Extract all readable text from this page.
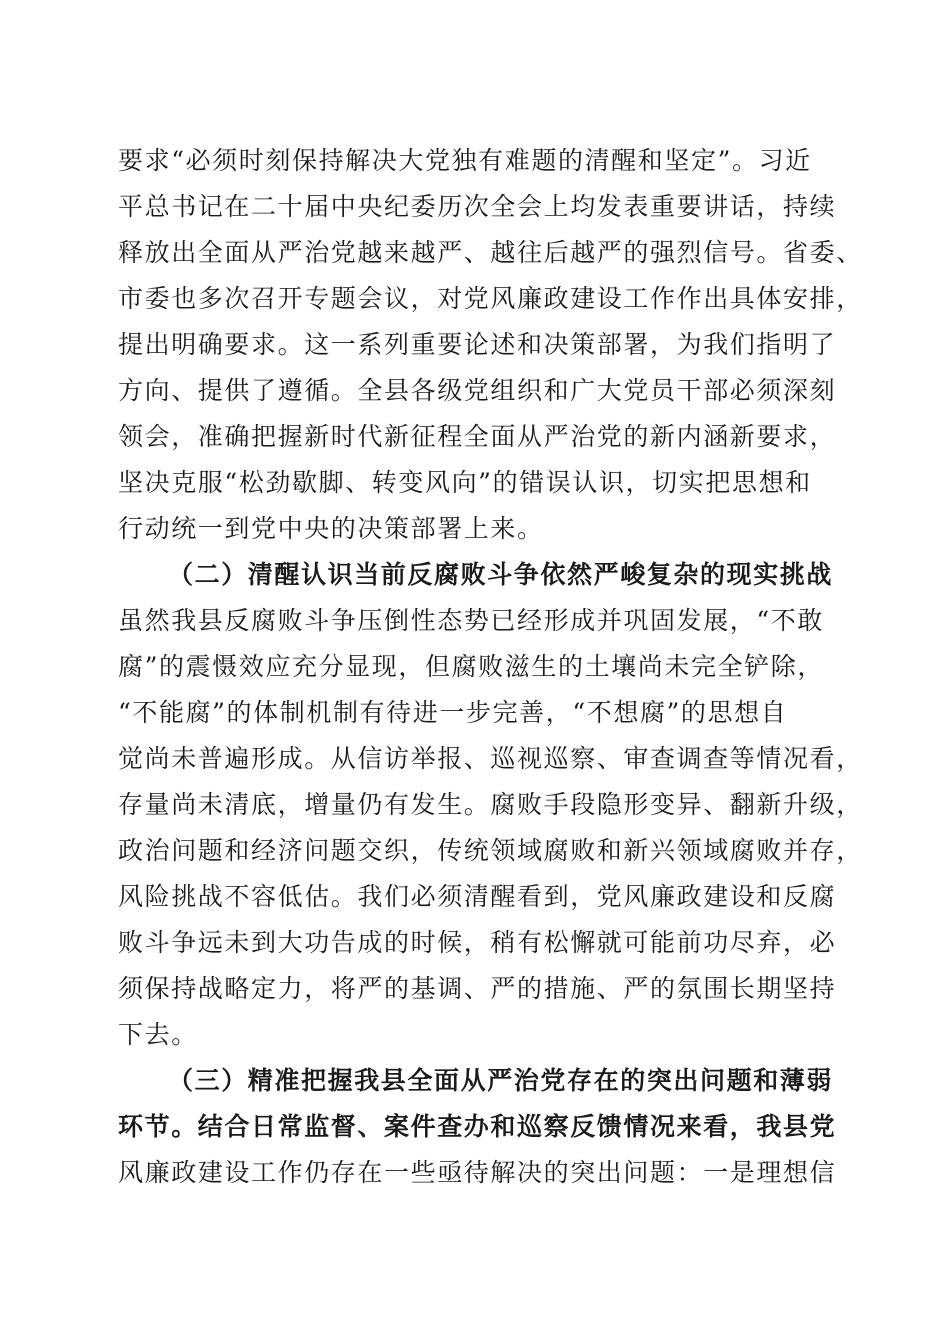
要求“必须时刻保持解决大党独有难题的清醒和坚定”。习近
平总书记在二十届中央纪委历次全会上均发表重要讲话，持续
释放出全面从严治党越来越严、越往后越严的强烈信号。省委、
市委也多次召开专题会议，对党风廉政建设工作作出具体安排，
提出明确要求。这一系列重要论述和决策部署，为我们指明了
方向、提供了遵循。全县各级党组织和广大党员干部必须深刻
领会，准确把握新时代新征程全面从严治党的新内涵新要求，
坚决克服“松劲歇脚、转变风向”的错误认识，切实把思想和
行动统一到党中央的决策部署上来。
（二）清醒认识当前反腐败斗争依然严峻复杂的现实挑战
虽然我县反腐败斗争压倒性态势已经形成并巩固发展，“不敢
腐”的震慑效应充分显现，但腐败滋生的土壤尚未完全铲除，
“不能腐”的体制机制有待进一步完善，“不想腐”的思想自
觉尚未普遍形成。从信访举报、巡视巡察、审查调查等情况看，
存量尚未清底，增量仍有发生。腐败手段隐形变异、翻新升级，
政治问题和经济问题交织，传统领域腐败和新兴领域腐败并存，
风险挑战不容低估。我们必须清醒看到，党风廉政建设和反腐
败斗争远未到大功告成的时候，稍有松懈就可能前功尽弃，必
须保持战略定力，将严的基调、严的措施、严的氛围长期坚持
下去。
（三）精准把握我县全面从严治党存在的突出问题和薄弱
环节。结合日常监督、案件查办和巡察反馈情况来看，我县党
风廉政建设工作仍存在一些亟待解决的突出问题：一是理想信
